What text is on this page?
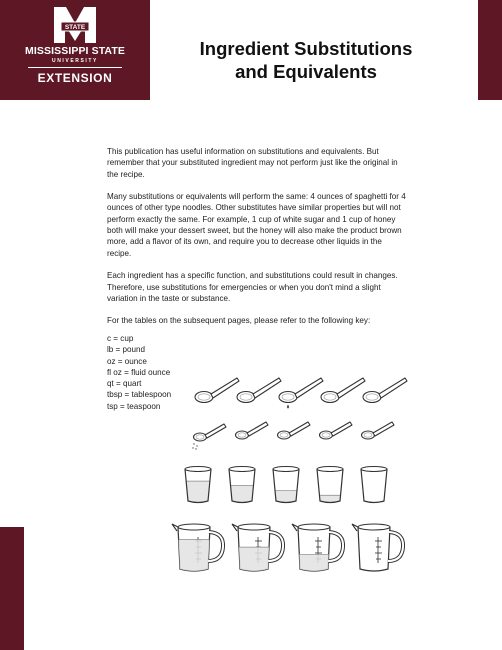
STATE
MISSISSIPPI STATE
UNIVERSITY
EXTENSION
Ingredient Substitutions
and Equivalents

This publication has useful information on substitutions and equivalents. But remember that your substituted ingredient may not perform just like the original in the recipe.

Many substitutions or equivalents will perform the same: 4 ounces of spaghetti for 4 ounces of other type noodles. Other substitutes have similar properties but will not perform exactly the same. For example, 1 cup of white sugar and 1 cup of honey both will make your dessert sweet, but the honey will also make the product brown more, add a flavor of its own, and require you to decrease other liquids in the recipe.

Each ingredient has a specific function, and substitutions could result in changes. Therefore, use substitutions for emergencies or when you don't mind a slight variation in the taste or substance.

For the tables on the subsequent pages, please refer to the following key:

c = cup
lb = pound
oz = ounce
fl oz = fluid ounce
qt = quart
tbsp = tablespoon
tsp = teaspoon
